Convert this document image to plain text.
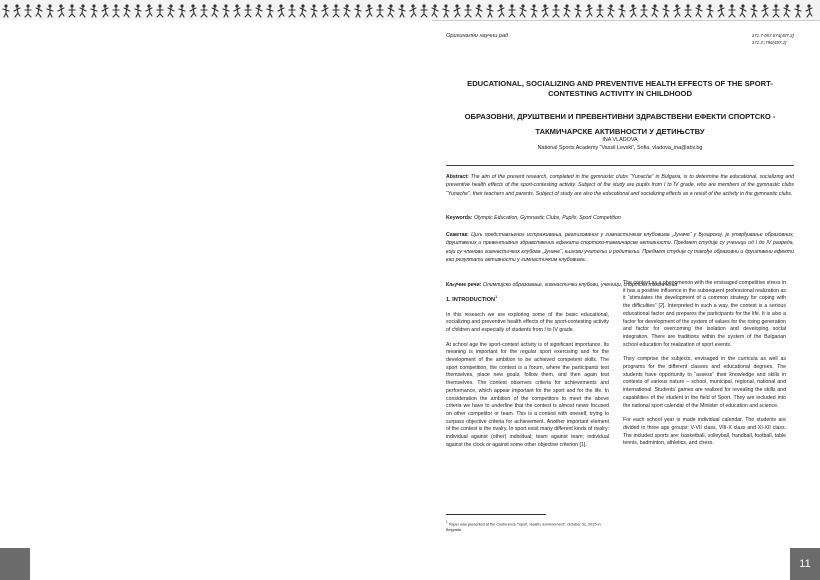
11
Оригинални научни рад	371.7-057.874(497.2)
371.3::796(497.2)
EDUCATIONAL, SOCIALIZING AND PREVENTIVE HEALTH EFFECTS OF THE SPORT-CONTESTING ACTIVITY IN CHILDHOOD
ОБРАЗОВНИ, ДРУШТВЕНИ И ПРЕВЕНТИВНИ ЗДРАВСТВЕНИ ЕФЕКТИ СПОРТСКО - ТАКМИЧАРСКЕ АКТИВНОСТИ У ДЕТИЊСТВУ
INA VLADOVA
National Sports Academy “Vassil Levski”, Sofia, vladova_ina@abv.bg
Abstract: The aim of the present research, completed in the gymnastic clubs “Yunache” in Bulgaria, is to determine the educational, socializing and preventive health effects of the sport-contesting activity. Subject of the study are pupils from I to IV grade, who are members of the gymnastic clubs “Yunache”, their teachers and parents. Subject of study are also the educational and socializing effects as a result of the activity in the gymnastic clubs.
Keywords: Olympic Education, Gymnastic Clubs, Pupils, Sport Competition
Сажетак: Циљ представљеног истраживања, реализованог у гимнастичким клубовима „Јуначе“ у Бугарској, је утврђивање образовних, друштвених и превентивних здравствених ефеката спортско-такмичарске активности. Предмет студије су ученици од I до IV разреда, који су чланови гимнастичких клубова „Јуначе“, њихови учитељи и родитељи. Предмет студије су такође образовни и друштвени ефекти као резултати активности у гимнастичким клубовима.
Кључне речи: Олимпијско образовање, гимнастички клубови, ученици, спортска такмичења

1. INTRODUCTION$^1$

In this research we are exploring some of the basic educational, socializing and preventive health effects of the sport-contesting activity of children and especially of students from I to IV grade.

At school age the sport-contest activity is of significant importance. Its meaning is important for the regular sport exercising and for the development of the ambition to be achieved competent skills. The sport competition, the contest is a forum, where the participants test themselves, place new goals, follow them, and then again test themselves. The contest observes criteria for achievements and performance, which appear important for the sport and for the life. In consideration the ambition of the competitors to meet the above criteria we have to underline that the contest is almost never focused on other competitor or team. This is a contest with oneself, trying to surpass objective criteria for achievement. Another important element of the contest is the rivalry. In sport exist many different kinds of rivalry: individual against (other) individual; team against team; individual against the clock or against some other objective criterion [1].

The contest as a phenomenon with the envisaged competitive stress in it has a positive influence in the subsequent professional realization as it “stimulates the development of a common strategy for coping with the difficulties” [2]. Interpreted in such a way, the contest is a serious educational factor and prepares the participants for the life. It is also a factor for development of the system of values for the rising generation and factor for overcoming the isolation and developing social integration. There are traditions within the system of the Bulgarian school education for realization of sport events.

They comprise the subjects, envisaged in the curricula as well as programs for the different classes and educational degrees. The students have opportunity to “assess” their knowledge and skills in contests of various nature – school, municipal, regional, national and international. Students’ games are realized for revealing the skills and capabilities of the student in the field of Sport. They are included into the national sport calendar of the Minister of education and science.

For each school year is made individual calendar. The students are divided in three age groups: V-VII class, VIII-X class and XI-XII class. The included sports are: basketball, volleyball, handball, football, table tennis, badminton, athletics, and chess.

$^1$ Paper was presented at the Conference “Sport, Health, Environment”, October 31, 2015 in Belgrade.
